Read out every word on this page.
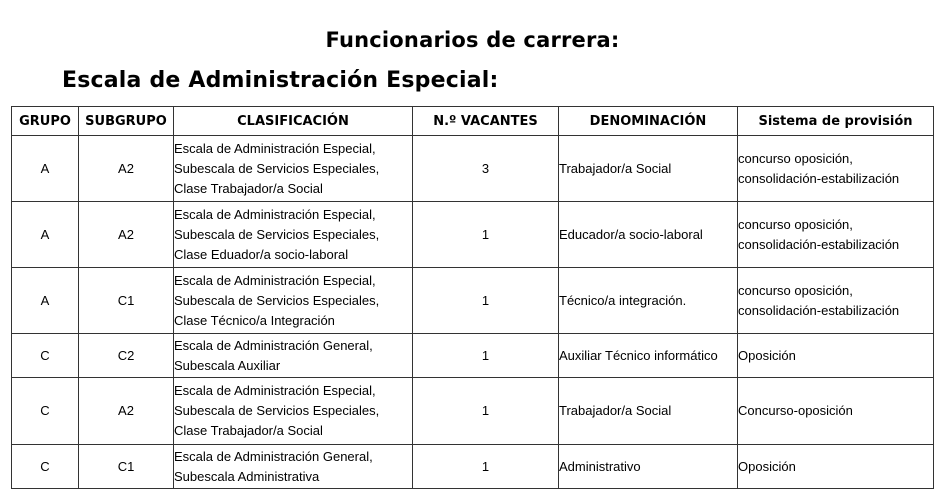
Funcionarios de carrera:
Escala de Administración Especial:
GRUPO	SUBGRUPO	CLASIFICACIÓN	N.º VACANTES	DENOMINACIÓN	Sistema de provisión
A	A2	Escala de Administración Especial,
Subescala de Servicios Especiales,
Clase Trabajador/a Social	3	Trabajador/a Social	concurso oposición,
consolidación-estabilización
A	A2	Escala de Administración Especial,
Subescala de Servicios Especiales,
Clase Eduador/a socio-laboral	1	Educador/a socio-laboral	concurso oposición,
consolidación-estabilización
A	C1	Escala de Administración Especial,
Subescala de Servicios Especiales,
Clase Técnico/a Integración	1	Técnico/a integración.	concurso oposición,
consolidación-estabilización
C	C2	Escala de Administración General,
Subescala Auxiliar	1	Auxiliar Técnico informático	Oposición
C	A2	Escala de Administración Especial,
Subescala de Servicios Especiales,
Clase Trabajador/a Social	1	Trabajador/a Social	Concurso-oposición
C	C1	Escala de Administración General,
Subescala Administrativa	1	Administrativo	Oposición
